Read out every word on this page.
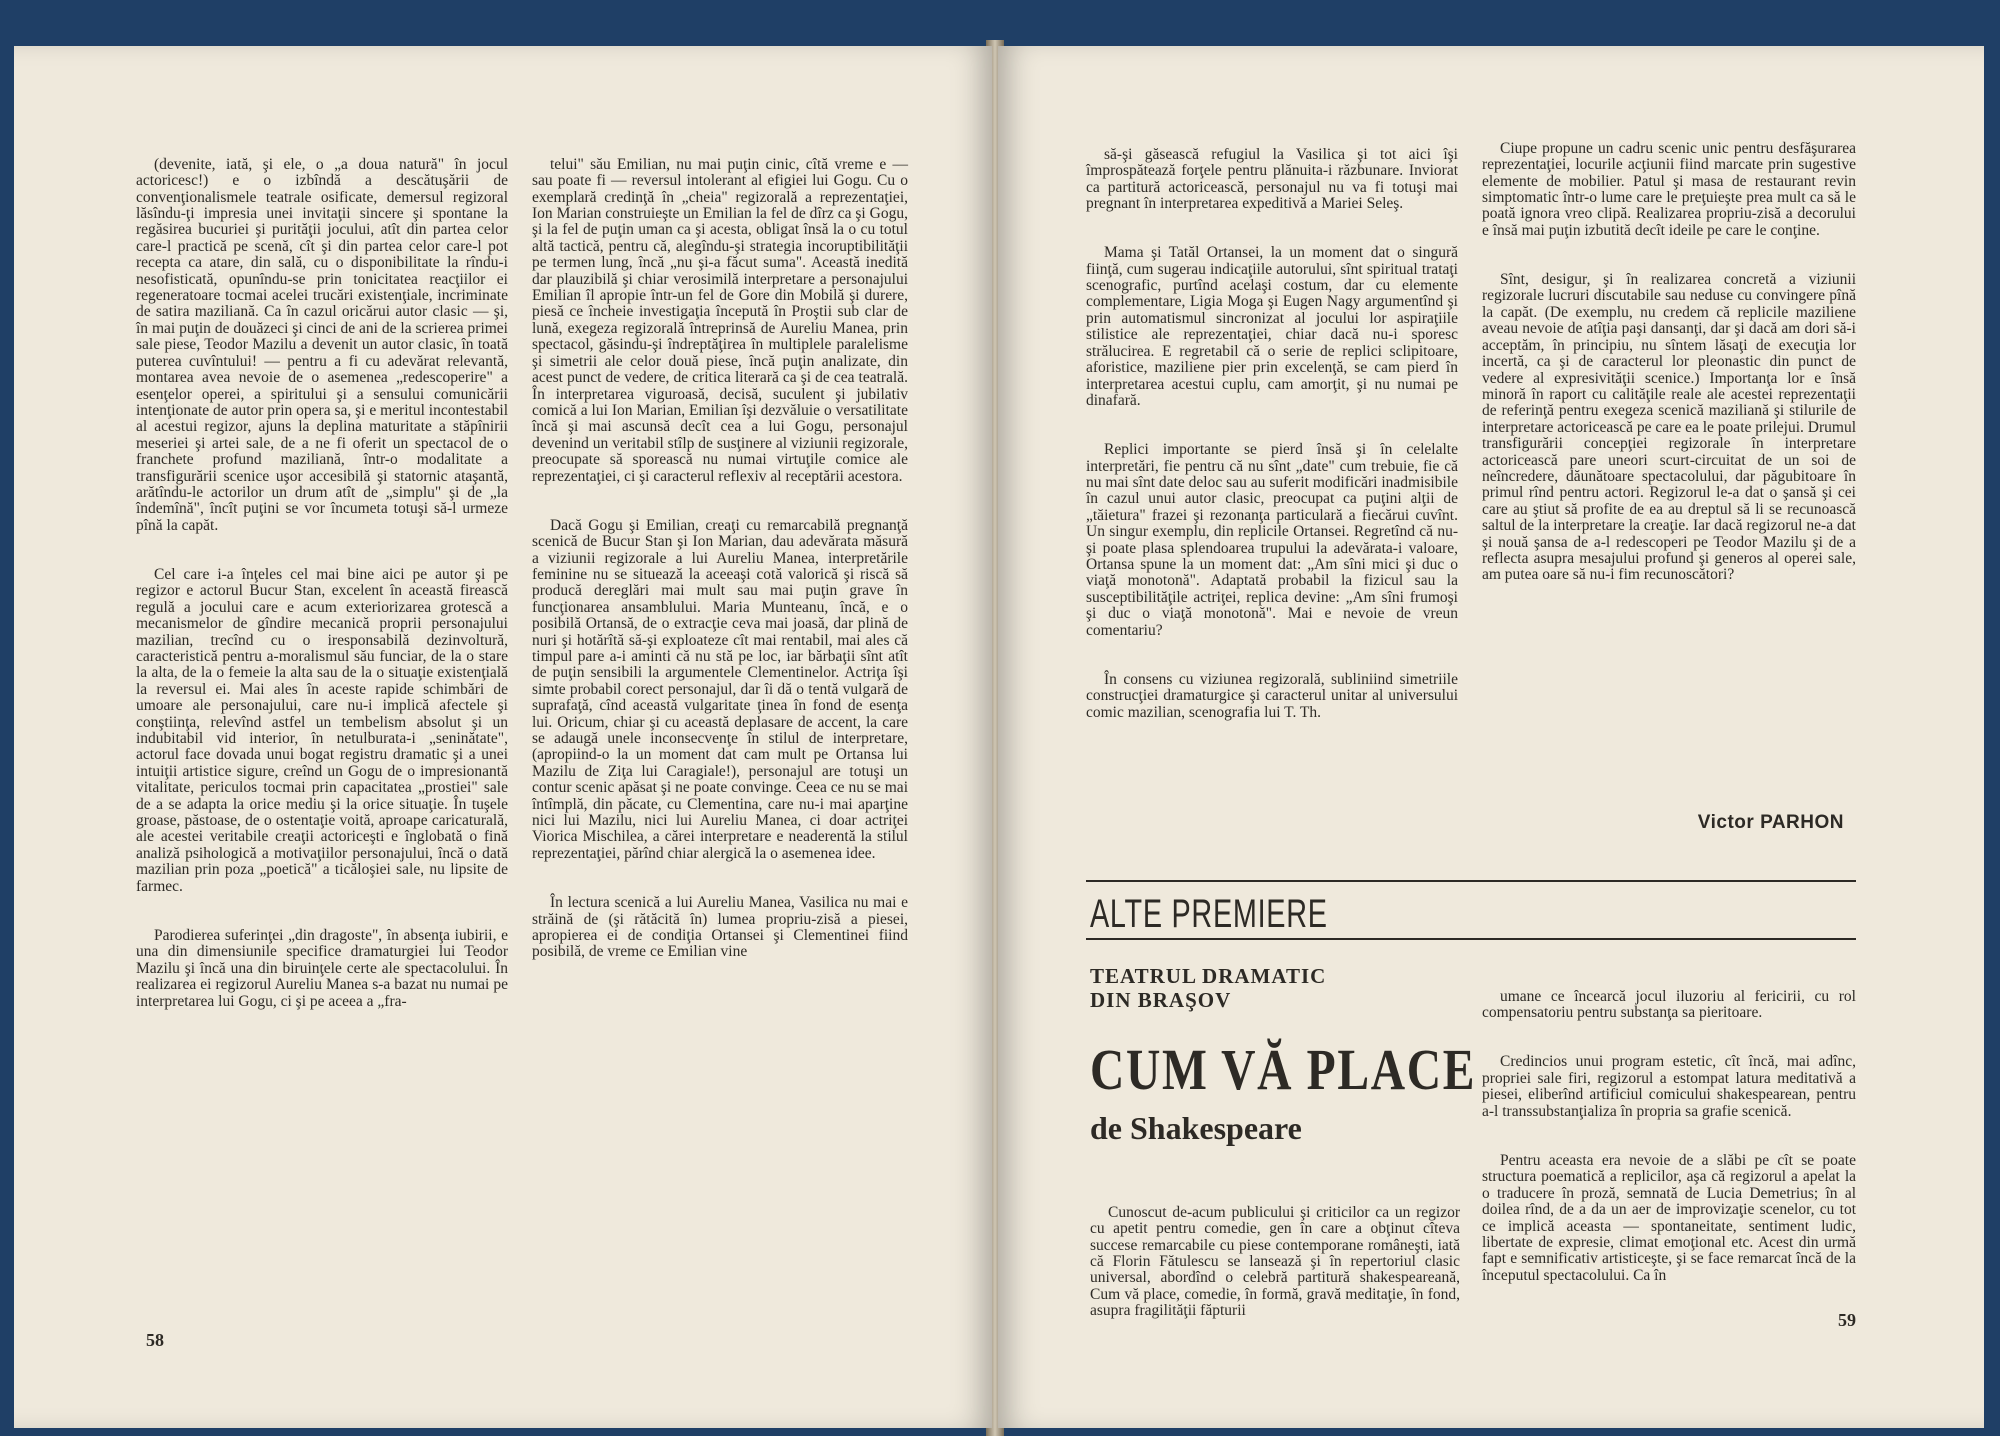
(devenite, iată, şi ele, o „a doua natură" în jocul actoricesc!) e o izbîndă a descătuşării de convenţionalismele teatrale osificate, demersul regizoral lăsîndu-ţi impresia unei invitaţii sincere şi spontane la regăsirea bucuriei şi purităţii jocului, atît din partea celor care-l practică pe scenă, cît şi din partea celor care-l pot recepta ca atare, din sală, cu o disponibilitate la rîndu-i nesofisticată, opunîndu-se prin tonicitatea reacţiilor ei regeneratoare tocmai acelei trucări existenţiale, incriminate de satira maziliană. Ca în cazul oricărui autor clasic — şi, în mai puţin de douăzeci şi cinci de ani de la scrierea primei sale piese, Teodor Mazilu a devenit un autor clasic, în toată puterea cuvîntului! — pentru a fi cu adevărat relevantă, montarea avea nevoie de o asemenea „redescoperire" a esenţelor operei, a spiritului şi a sensului comunicării intenţionate de autor prin opera sa, şi e meritul incontestabil al acestui regizor, ajuns la deplina maturitate a stăpînirii meseriei şi artei sale, de a ne fi oferit un spectacol de o franchete profund maziliană, într-o modalitate a transfigurării scenice uşor accesibilă şi statornic ataşantă, arătîndu-le actorilor un drum atît de „simplu" şi de „la îndemînă", încît puţini se vor încumeta totuşi să-l urmeze pînă la capăt.

Cel care i-a înţeles cel mai bine aici pe autor şi pe regizor e actorul Bucur Stan, excelent în această firească regulă a jocului care e acum exteriorizarea grotescă a mecanismelor de gîndire mecanică proprii personajului mazilian, trecînd cu o iresponsabilă dezinvoltură, caracteristică pentru a-moralismul său funciar, de la o stare la alta, de la o femeie la alta sau de la o situaţie existenţială la reversul ei. Mai ales în aceste rapide schimbări de umoare ale personajului, care nu-i implică afectele şi conştiinţa, relevînd astfel un tembelism absolut şi un indubitabil vid interior, în netulburata-i „seninătate", actorul face dovada unui bogat registru dramatic şi a unei intuiţii artistice sigure, creînd un Gogu de o impresionantă vitalitate, periculos tocmai prin capacitatea „prostiei" sale de a se adapta la orice mediu şi la orice situaţie. În tuşele groase, păstoase, de o ostentaţie voită, aproape caricaturală, ale acestei veritabile creaţii actoriceşti e înglobată o fină analiză psihologică a motivaţiilor personajului, încă o dată mazilian prin poza „poetică" a ticăloşiei sale, nu lipsite de farmec.

Parodierea suferinţei „din dragoste", în absenţa iubirii, e una din dimensiunile specifice dramaturgiei lui Teodor Mazilu şi încă una din biruinţele certe ale spectacolului. În realizarea ei regizorul Aureliu Manea s-a bazat nu numai pe interpretarea lui Gogu, ci şi pe aceea a „fra-

telui" său Emilian, nu mai puţin cinic, cîtă vreme e — sau poate fi — reversul intolerant al efigiei lui Gogu. Cu o exemplară credinţă în „cheia" regizorală a reprezentaţiei, Ion Marian construieşte un Emilian la fel de dîrz ca şi Gogu, şi la fel de puţin uman ca şi acesta, obligat însă la o cu totul altă tactică, pentru că, alegîndu-şi strategia incoruptibilităţii pe termen lung, încă „nu şi-a făcut suma". Această inedită dar plauzibilă şi chiar verosimilă interpretare a personajului Emilian îl apropie într-un fel de Gore din Mobilă şi durere, piesă ce încheie investigaţia începută în Proştii sub clar de lună, exegeza regizorală întreprinsă de Aureliu Manea, prin spectacol, găsindu-şi îndreptăţirea în multiplele paralelisme şi simetrii ale celor două piese, încă puţin analizate, din acest punct de vedere, de critica literară ca şi de cea teatrală. În interpretarea viguroasă, decisă, suculent şi jubilativ comică a lui Ion Marian, Emilian îşi dezvăluie o versatilitate încă şi mai ascunsă decît cea a lui Gogu, personajul devenind un veritabil stîlp de susţinere al viziunii regizorale, preocupate să sporească nu numai virtuţile comice ale reprezentaţiei, ci şi caracterul reflexiv al receptării acestora.

Dacă Gogu şi Emilian, creaţi cu remarcabilă pregnanţă scenică de Bucur Stan şi Ion Marian, dau adevărata măsură a viziunii regizorale a lui Aureliu Manea, interpretările feminine nu se situează la aceeaşi cotă valorică şi riscă să producă dereglări mai mult sau mai puţin grave în funcţionarea ansamblului. Maria Munteanu, încă, e o posibilă Ortansă, de o extracţie ceva mai joasă, dar plină de nuri şi hotărîtă să-şi exploateze cît mai rentabil, mai ales că timpul pare a-i aminti că nu stă pe loc, iar bărbaţii sînt atît de puţin sensibili la argumentele Clementinelor. Actriţa îşi simte probabil corect personajul, dar îi dă o tentă vulgară de suprafaţă, cînd această vulgaritate ţinea în fond de esenţa lui. Oricum, chiar şi cu această deplasare de accent, la care se adaugă unele inconsecvenţe în stilul de interpretare, (apropiind-o la un moment dat cam mult pe Ortansa lui Mazilu de Ziţa lui Caragiale!), personajul are totuşi un contur scenic apăsat şi ne poate convinge. Ceea ce nu se mai întîmplă, din păcate, cu Clementina, care nu-i mai aparţine nici lui Mazilu, nici lui Aureliu Manea, ci doar actriţei Viorica Mischilea, a cărei interpretare e neaderentă la stilul reprezentaţiei, părînd chiar alergică la o asemenea idee.

În lectura scenică a lui Aureliu Manea, Vasilica nu mai e străină de (şi rătăcită în) lumea propriu-zisă a piesei, apropierea ei de condiţia Ortansei şi Clementinei fiind posibilă, de vreme ce Emilian vine

58

să-şi găsească refugiul la Vasilica şi tot aici îşi împrospătează forţele pentru plănuita-i răzbunare. Inviorat ca partitură actoricească, personajul nu va fi totuşi mai pregnant în interpretarea expeditivă a Mariei Seleş.

Mama şi Tatăl Ortansei, la un moment dat o singură fiinţă, cum sugerau indicaţiile autorului, sînt spiritual trataţi scenografic, purtînd acelaşi costum, dar cu elemente complementare, Ligia Moga şi Eugen Nagy argumentînd şi prin automatismul sincronizat al jocului lor aspiraţiile stilistice ale reprezentaţiei, chiar dacă nu-i sporesc strălucirea. E regretabil că o serie de replici sclipitoare, aforistice, maziliene pier prin excelenţă, se cam pierd în interpretarea acestui cuplu, cam amorţit, şi nu numai pe dinafară.

Replici importante se pierd însă şi în celelalte interpretări, fie pentru că nu sînt „date" cum trebuie, fie că nu mai sînt date deloc sau au suferit modificări inadmisibile în cazul unui autor clasic, preocupat ca puţini alţii de „tăietura" frazei şi rezonanţa particulară a fiecărui cuvînt. Un singur exemplu, din replicile Ortansei. Regretînd că nu-şi poate plasa splendoarea trupului la adevărata-i valoare, Ortansa spune la un moment dat: „Am sîni mici şi duc o viaţă monotonă". Adaptată probabil la fizicul sau la susceptibilităţile actriţei, replica devine: „Am sîni frumoşi şi duc o viaţă monotonă". Mai e nevoie de vreun comentariu?

În consens cu viziunea regizorală, subliniind simetriile construcţiei dramaturgice şi caracterul unitar al universului comic mazilian, scenografia lui T. Th.

Ciupe propune un cadru scenic unic pentru desfăşurarea reprezentaţiei, locurile acţiunii fiind marcate prin sugestive elemente de mobilier. Patul şi masa de restaurant revin simptomatic într-o lume care le preţuieşte prea mult ca să le poată ignora vreo clipă. Realizarea propriu-zisă a decorului e însă mai puţin izbutită decît ideile pe care le conţine.

Sînt, desigur, şi în realizarea concretă a viziunii regizorale lucruri discutabile sau neduse cu convingere pînă la capăt. (De exemplu, nu credem că replicile maziliene aveau nevoie de atîţia paşi dansanţi, dar şi dacă am dori să-i acceptăm, în principiu, nu sîntem lăsaţi de execuţia lor incertă, ca şi de caracterul lor pleonastic din punct de vedere al expresivităţii scenice.) Importanţa lor e însă minoră în raport cu calităţile reale ale acestei reprezentaţii de referinţă pentru exegeza scenică maziliană şi stilurile de interpretare actoricească pe care ea le poate prilejui. Drumul transfigurării concepţiei regizorale în interpretare actoricească pare uneori scurt-circuitat de un soi de neîncredere, dăunătoare spectacolului, dar păgubitoare în primul rînd pentru actori. Regizorul le-a dat o şansă şi cei care au ştiut să profite de ea au dreptul să li se recunoască saltul de la interpretare la creaţie. Iar dacă regizorul ne-a dat şi nouă şansa de a-l redescoperi pe Teodor Mazilu şi de a reflecta asupra mesajului profund şi generos al operei sale, am putea oare să nu-i fim recunoscători?

Victor PARHON
ALTE PREMIERE
TEATRUL DRAMATIC DIN BRAŞOV
CUM VĂ PLACE
de Shakespeare

Cunoscut de-acum publicului şi criticilor ca un regizor cu apetit pentru comedie, gen în care a obţinut cîteva succese remarcabile cu piese contemporane româneşti, iată că Florin Fătulescu se lansează şi în repertoriul clasic universal, abordînd o celebră partitură shakespeareană, Cum vă place, comedie, în formă, gravă meditaţie, în fond, asupra fragilităţii făpturii

umane ce încearcă jocul iluzoriu al fericirii, cu rol compensatoriu pentru substanţa sa pieritoare.

Credincios unui program estetic, cît încă, mai adînc, propriei sale firi, regizorul a estompat latura meditativă a piesei, eliberînd artificiul comicului shakespearean, pentru a-l transsubstanţializa în propria sa grafie scenică.

Pentru aceasta era nevoie de a slăbi pe cît se poate structura poematică a replicilor, aşa că regizorul a apelat la o traducere în proză, semnată de Lucia Demetrius; în al doilea rînd, de a da un aer de improvizaţie scenelor, cu tot ce implică aceasta — spontaneitate, sentiment ludic, libertate de expresie, climat emoţional etc. Acest din urmă fapt e semnificativ artisticeşte, şi se face remarcat încă de la începutul spectacolului. Ca în

59
